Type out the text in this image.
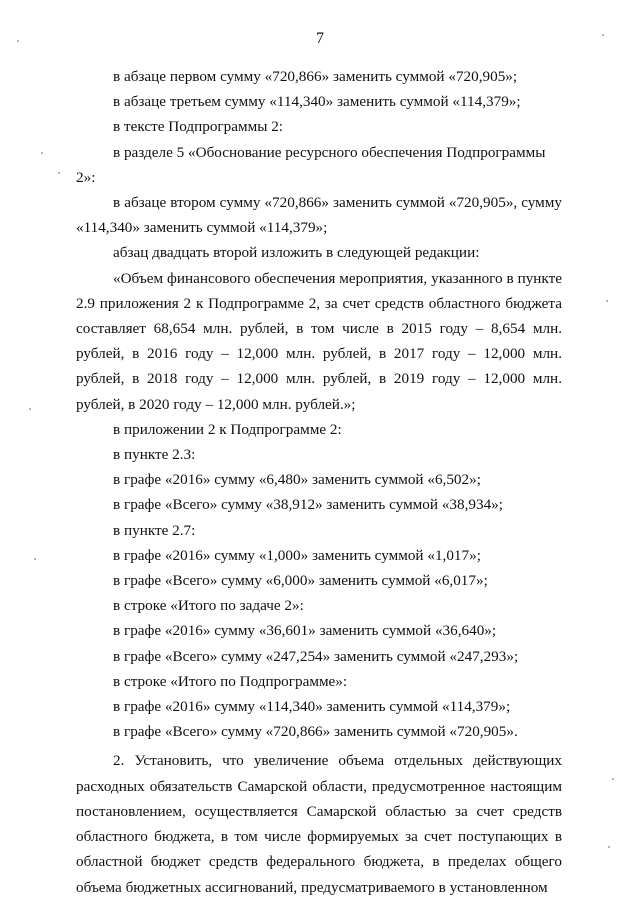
7

в абзаце первом сумму «720,866» заменить суммой «720,905»;

в абзаце третьем сумму «114,340» заменить суммой «114,379»;

в тексте Подпрограммы 2:

в разделе 5 «Обоснование ресурсного обеспечения Подпрограммы 2»:

в абзаце втором сумму «720,866» заменить суммой «720,905», сумму «114,340» заменить суммой «114,379»;

абзац двадцать второй изложить в следующей редакции:

«Объем финансового обеспечения мероприятия, указанного в пункте 2.9 приложения 2 к Подпрограмме 2, за счет средств областного бюджета составляет 68,654 млн. рублей, в том числе в 2015 году – 8,654 млн. рублей, в 2016 году – 12,000 млн. рублей, в 2017 году – 12,000 млн. рублей, в 2018 году – 12,000 млн. рублей, в 2019 году – 12,000 млн. рублей, в 2020 году – 12,000 млн. рублей.»;

в приложении 2 к Подпрограмме 2:

в пункте 2.3:

в графе «2016» сумму «6,480» заменить суммой «6,502»;

в графе «Всего» сумму «38,912» заменить суммой «38,934»;

в пункте 2.7:

в графе «2016» сумму «1,000» заменить суммой «1,017»;

в графе «Всего» сумму «6,000» заменить суммой «6,017»;

в строке «Итого по задаче 2»:

в графе «2016» сумму «36,601» заменить суммой «36,640»;

в графе «Всего» сумму «247,254» заменить суммой «247,293»;

в строке «Итого по Подпрограмме»:

в графе «2016» сумму «114,340» заменить суммой «114,379»;

в графе «Всего» сумму «720,866» заменить суммой «720,905».

2. Установить, что увеличение объема отдельных действующих расходных обязательств Самарской области, предусмотренное настоящим постановлением, осуществляется Самарской областью за счет средств областного бюджета, в том числе формируемых за счет поступающих в областной бюджет средств федерального бюджета, в пределах общего объема бюджетных ассигнований, предусматриваемого в установленном
